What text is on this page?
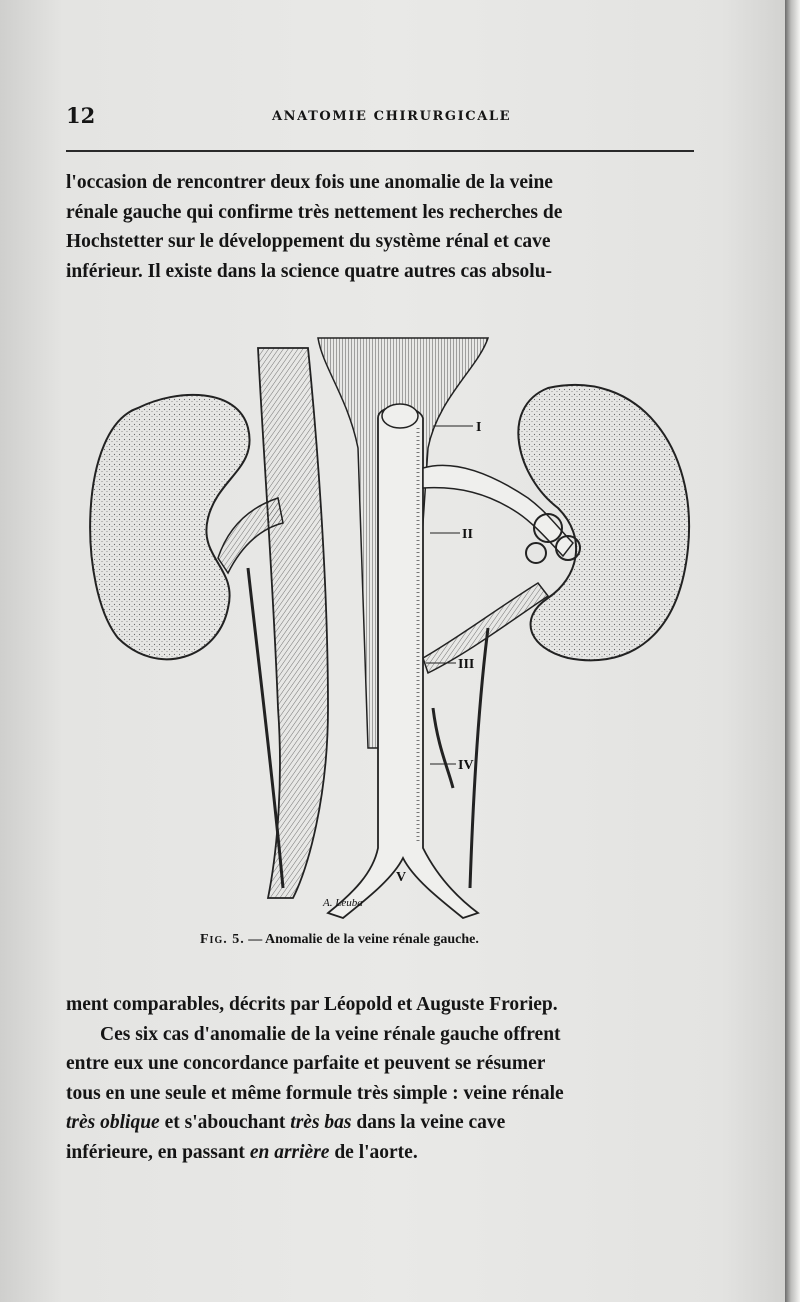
12	ANATOMIE CHIRURGICALE
l'occasion de rencontrer deux fois une anomalie de la veine
rénale gauche qui confirme très nettement les recherches de
Hochstetter sur le développement du système rénal et cave
inférieur. Il existe dans la science quatre autres cas absolu-
I
II
III
IV
V
A. Leuba
Fig. 5. — Anomalie de la veine rénale gauche.
ment comparables, décrits par Léopold et Auguste Froriep.
Ces six cas d'anomalie de la veine rénale gauche offrent
entre eux une concordance parfaite et peuvent se résumer
tous en une seule et même formule très simple : veine rénale
très oblique et s'abouchant très bas dans la veine cave
inférieure, en passant en arrière de l'aorte.
